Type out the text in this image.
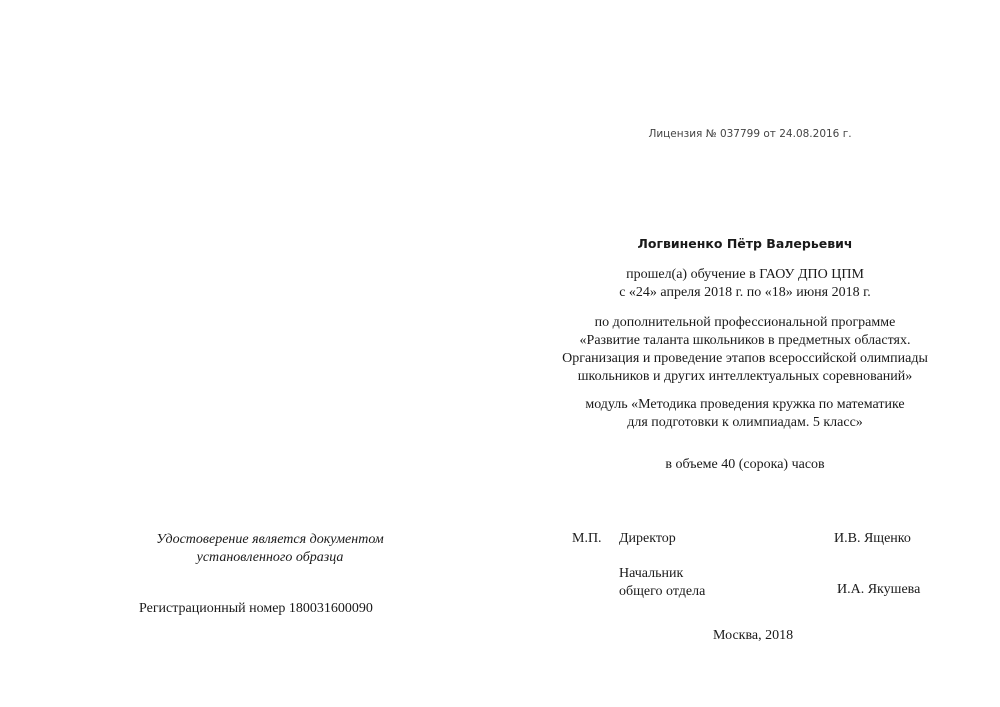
Лицензия № 037799 от 24.08.2016 г.
Логвиненко Пётр Валерьевич
прошел(а) обучение в ГАОУ ДПО ЦПМ
с «24» апреля 2018 г. по «18» июня 2018 г.
по дополнительной профессиональной программе
«Развитие таланта школьников в предметных областях.
Организация и проведение этапов всероссийской олимпиады
школьников и других интеллектуальных соревнований»
модуль «Методика проведения кружка по математике
для подготовки к олимпиадам. 5 класс»
в объеме 40 (сорока) часов
Удостоверение является документом
установленного образца
Регистрационный номер 180031600090
М.П. Директор	И.В. Ященко
Начальник
общего отдела	И.А. Якушева
Москва, 2018
